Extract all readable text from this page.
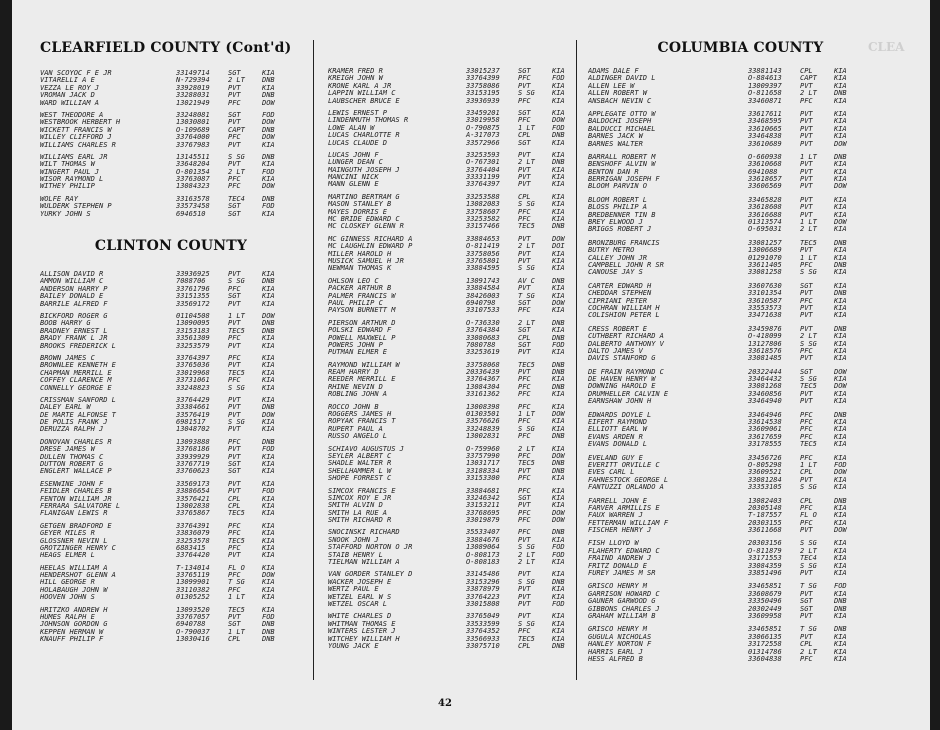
CLEARFIELD COUNTY (Cont'd)
VAN SCOYOC F E JR	33149714	SGT	KIA
VITARELLI A E	N-729394	2 LT	DNB
VEZZA LE ROY J	33928019	PVT	KIA
VROMAN JACK D	33288031	PVT	DNB
WARD WILLIAM A	13021949	PFC	DOW
WEST THEODORE A	33248081	SGT	FOD
WESTBROOK HERBERT H	13030801	PVT	DOW
WICKETT FRANCIS W	O-109689	CAPT	DNB
WILLEY CLIFFORD J	33764000	PFC	DOW
WILLIAMS CHARLES R	33767983	PVT	KIA
WILLIAMS EARL JR	13145511	S SG	DNB
WILT THOMAS W	33648204	PVT	KIA
WINGERT PAUL J	O-801354	2 LT	FOD
WISOR RAYMOND L	33763087	PFC	KIA
WITHEY PHILIP	13084323	PFC	DOW
WOLFE RAY	33163578	TEC4	DNB
WULDERK STEPHEN P	33573458	SGT	FOD
YURKY JOHN S	6946510	SGT	KIA
CLINTON COUNTY
ALLISON DAVID R	33936925	PVT	KIA
AMMON WILLIAM C	7088706	S SG	DNB
ANDERSON HARRY P	33761796	PFC	KIA
BAILEY DONALD E	33151355	SGT	KIA
BARRILE ALFRED F	33569172	PVT	KIA
BICKFORD ROGER G	01104508	1 LT	DOW
BOOB HARRY G	13090095	PVT	DNB
BRADNEY ERNEST L	33153183	TEC5	DNB
BRADY FRANK L JR	33561309	PFC	KIA
BROOKS FREDERICK L	33253579	PVT	KIA
BROWN JAMES C	33764397	PFC	KIA
BROWNLEE KENNETH E	33765036	PVT	KIA
CHAPMAN MERRILL E	33019968	TEC5	KIA
COFFEY CLARENCE M	33731061	PFC	KIA
CONNELLY GEORGE E	33248823	S SG	KIA
CRISSMAN SANFORD L	33764429	PVT	KIA
DALEY EARL W	33384661	PVT	DNB
DE MARTE ALFONSE T	33576419	PVT	DOW
DE POLIS FRANK J	6981517	S SG	KIA
DERUZZA RALPH J	13048702	PVT	KIA
DONOVAN CHARLES R	13093888	PFC	DNB
DRESE JAMES W	33768186	PVT	FOD
DULLEN THOMAS C	33939929	PVT	KIA
DUTTON ROBERT G	33767719	SGT	KIA
ENGLERT WALLACE P	33760623	SGT	KIA
ESENWINE JOHN F	33569173	PVT	KIA
FEIDLER CHARLES B	33886654	PVT	FOD
FENTON WILLIAM JR	33576421	CPL	KIA
FERRARA SALVATORE L	13002838	CPL	KIA
FLANIGAN LEWIS R	33765867	TEC5	KIA
GETGEN BRADFORD E	33764391	PFC	KIA
GEYER MILES R	33836079	PFC	KIA
GLOSSNER NEVIN L	33253578	TEC5	KIA
GROTZINGER HENRY C	6883415	PFC	KIA
HEAGS ELMER L	33764420	PVT	KIA
HEELAS WILLIAM A	T-134014	FL O	KIA
HENDERSHOT GLENN A	33765119	PFC	DOW
HILL GEORGE R	13099901	T SG	KIA
HOLABAUGH JOHN W	33110382	PFC	KIA
HOOVEN JOHN S	01305252	1 LT	KIA
HRITZKO ANDREW H	13093520	TEC5	KIA
HUMES RALPH E	33767057	PVT	FOD
JOHNSON GORDON G	6940788	SGT	DNB
KEPPEN HERMAN W	O-790037	1 LT	DNB
KNAUFF PHILIP F	13030416	CPL	DNB
KRAMER FRED R	33015237	SGT	KIA
KREIGH JOHN W	33764399	PFC	FOD
KRONE KARL A JR	33758086	PVT	KIA
LAPPIN WILLIAM C	33153195	S SG	KIA
LAUBSCHER BRUCE E	33936939	PFC	KIA
LEWIS ERNEST P	33459201	SGT	KIA
LINDENMUTH THOMAS R	33019958	PFC	DOW
LOWE ALAN W	O-790875	1 LT	FOD
LUCAS CHARLOTTE R	A-317073	CPL	DNB
LUCAS CLAUDE D	33572966	SGT	KIA
LUCAS JOHN F	33253593	PVT	KIA
LUNGER DEAN C	O-767301	2 LT	DNB
MAINGUTH JOSEPH J	33764404	PVT	KIA
MANCINI NICK	33331199	PVT	KIA
MANN GLENN E	33764397	PVT	KIA
MARTINO BERTRAM G	33253588	CPL	KIA
MASON STANLEY B	13082083	S SG	KIA
MAYES DORRIS E	33758607	PFC	KIA
MC BRIDE EDWARD C	33253582	PFC	KIA
MC CLOSKEY GLENN R	33157466	TEC5	DNB
MC GINNESS RICHARD A	33884653	PVT	DOW
MC LAUGHLIN EDWARD P	O-811419	2 LT	DOI
MILLER HAROLD H	33758056	PVT	KIA
MUSICK SAMUEL H JR	33765801	PVT	KIA
NEWMAN THOMAS K	33884595	S SG	KIA
OHLSON LEO C	13091743	AV C	DNB
PACKER ARTHUR B	33884584	PVT	KIA
PALMER FRANCIS W	38426003	T SG	KIA
PAUL PHILIP C	6940798	SGT	DOW
PAYSON BURNETT M	33107533	PFC	KIA
PIERSON ARTHUR D	O-736330	2 LT	DNB
POLSKI EDWARD F	33764384	SGT	KIA
POWELL MAXWELL P	33080683	CPL	DNB
POWERS JOHN P	7080788	SGT	FOD
PUTMAN ELMER E	33253619	PVT	KIA
RAYMOND WILLIAM W	33758068	TEC5	DNB
REAM HARRY D	20336439	PVT	DNB
REEDER MERRILL E	33764367	PFC	KIA
RHINE NEVIN D	13084304	PFC	DNB
ROBLING JOHN A	33161362	PFC	KIA
ROCCO JOHN B	13008398	PFC	KIA
ROGGERS JAMES H	01303501	1 LT	DOW
ROPYAK FRANCIS T	33576626	PFC	KIA
RUPERT PAUL A	33248839	S SG	KIA
RUSSO ANGELO L	13002831	PFC	DNB
SCHIAVO AUGUSTUS J	O-759960	2 LT	KIA
SEYLER ALBERT C	33757990	PFC	DOW
SHADLE WALTER R	13031717	TEC5	DNB
SHELLHAMMER L W	33188334	PVT	DNB
SHOPE FORREST C	33153300	PFC	KIA
SIMCOX FRANCIS E	33884681	PFC	KIA
SIMCOX ROY E JR	33246342	SGT	KIA
SMITH ALVIN D	33153211	PVT	KIA
SMITH LA RUE A	33768695	PFC	DOW
SMITH RICHARD R	33019879	PFC	DOW
SNOCINSKI RICHARD	35533407	PFC	DNB
SNOOK JOHN J	33884676	PVT	KIA
STAFFORD NORTON O JR	13089064	S SG	FOD
STAIB HENRY L	O-808173	2 LT	FOD
TIELMAN WILLIAM A	O-808183	2 LT	KIA
VAN GORDER STANLEY D	33145486	PVT	KIA
WACKER JOSEPH E	33153296	S SG	DNB
WERTZ PAUL E	33878979	PVT	KIA
WETZEL EARL W S	33764223	PVT	KIA
WETZEL OSCAR L	33015808	PVT	FOD
WHITE CHARLES D	33765049	PVT	KIA
WHITMAN THOMAS E	33533599	S SG	KIA
WINTERS LESTER J	33764352	PFC	KIA
WITCHEY WILLIAM H	33566933	TEC5	KIA
YOUNG JACK E	33075710	CPL	DNB
COLUMBIA COUNTY
ADAMS DALE F	33881143	CPL	KIA
ALDINGER DAVID L	O-884613	CAPT	KIA
ALLEN LEE W	13009397	PVT	KIA
ALLEN ROBERT W	O-811658	2 LT	DNB
ANSBACH NEVIN C	33460871	PFC	KIA
APPLEGATE OTTO W	33617611	PVT	KIA
BALDOCHI JOSEPH	33468595	PVT	KIA
BALDUCCI MICHAEL	33610665	PVT	KIA
BARNES JACK W	33464838	PVT	KIA
BARNES WALTER	33610689	PVT	DOW
BARRALL ROBERT M	O-660938	1 LT	DNB
BENSHOFF ALVIN W	33610668	PVT	KIA
BENTON DAN R	6941088	PVT	KIA
BERRIGAN JOSEPH F	33618657	PVT	KIA
BLOOM PARVIN O	33606569	PVT	DOW
BLOOM ROBERT L	33465828	PVT	KIA
BLOSS PHILIP A	33618608	PVT	KIA
BREDBENNER TIN B	33616688	PVT	KIA
BREY ELWOOD J	01313574	1 LT	DOW
BRIGGS ROBERT J	O-695031	2 LT	KIA
BRONZBURG FRANCIS	33081257	TEC5	DNB
BUTRY METRO	13006689	PVT	KIA
CALLEY JOHN JR	01291070	1 LT	KIA
CAMPBELL JOHN R SR	33611405	PFC	DNB
CANOUSE JAY S	33081258	S SG	KIA
CARTER EDWARD H	33607630	SGT	KIA
CHEDDAR STEPHEN	33101354	PVT	DNB
CIPRIANI PETER	33610587	PFC	KIA
COCHRAN WILLIAM H	33553573	PVT	KIA
COLISHION PETER L	33471638	PVT	KIA
CRESS ROBERT E	33459876	PVT	DNB
CUTHBERT RICHARD A	O-418099	2 LT	KIA
DALBERTO ANTHONY V	13127806	S SG	KIA
DALTO JAMES V	33618576	PFC	KIA
DAVIS STANFORD G	33081485	PVT	KIA
DE FRAIN RAYMOND C	20322444	SGT	DOW
DE HAVEN HENRY W	33464432	S SG	KIA
DOWNING HAROLD E	33081268	TEC5	DOW
DRUMHELLER CALVIN E	33460856	PVT	KIA
EARNSHAW JOHN H	33464940	PVT	KIA
EDWARDS DOYLE L	33464946	PFC	DNB
EIFERT RAYMOND	33614538	PFC	KIA
ELLIOTT EARL W	33609061	PFC	KIA
EVANS ARDEN R	33617659	PFC	KIA
EVANS DONALD L	33178555	TEC5	KIA
EVELAND GUY E	33456726	PFC	KIA
EVERITT ORVILLE C	O-805298	1 LT	FOD
EVES CARL L	33609521	CPL	DOW
FAHNESTOCK GEORGE L	33081284	PVT	KIA
FANTUZZI ORLANDO A	33353105	S SG	KIA
FARRELL JOHN E	13082403	CPL	DNB
FARVER ARMILLIS E	20305148	PFC	KIA
FAUX WARREN J	T-187557	FL O	KIA
FETTERMAN WILLIAM F	20303155	PFC	KIA
FISCHER HENRY J	33611668	PVT	DOW
FISH LLOYD W	20303156	S SG	KIA
FLAHERTY EDWARD C	O-811879	2 LT	KIA
FRAIND ANDREW J	33171553	TEC4	KIA
FRITZ DONALD E	33084359	S SG	KIA
FUREY JAMES M SR	33851496	PVT	KIA
GRISCO HENRY M	33465851	T SG	FOD
GARRISON HOWARD C	33608679	PVT	KIA
GAUNER GARWOOD G	33350496	SGT	DNB
GIBBONS CHARLES J	20302449	SGT	DNB
GRAHAM WILLIAM B	33609958	PVT	KIA
GRISCO HENRY M	33465851	T SG	DNB
GUGULA NICHOLAS	33066135	PVT	KIA
HANLEY NORTON F	33172558	CPL	KIA
HARRIS EARL J	01314786	2 LT	KIA
HESS ALFRED B	33604838	PFC	KIA
CLEA
42
